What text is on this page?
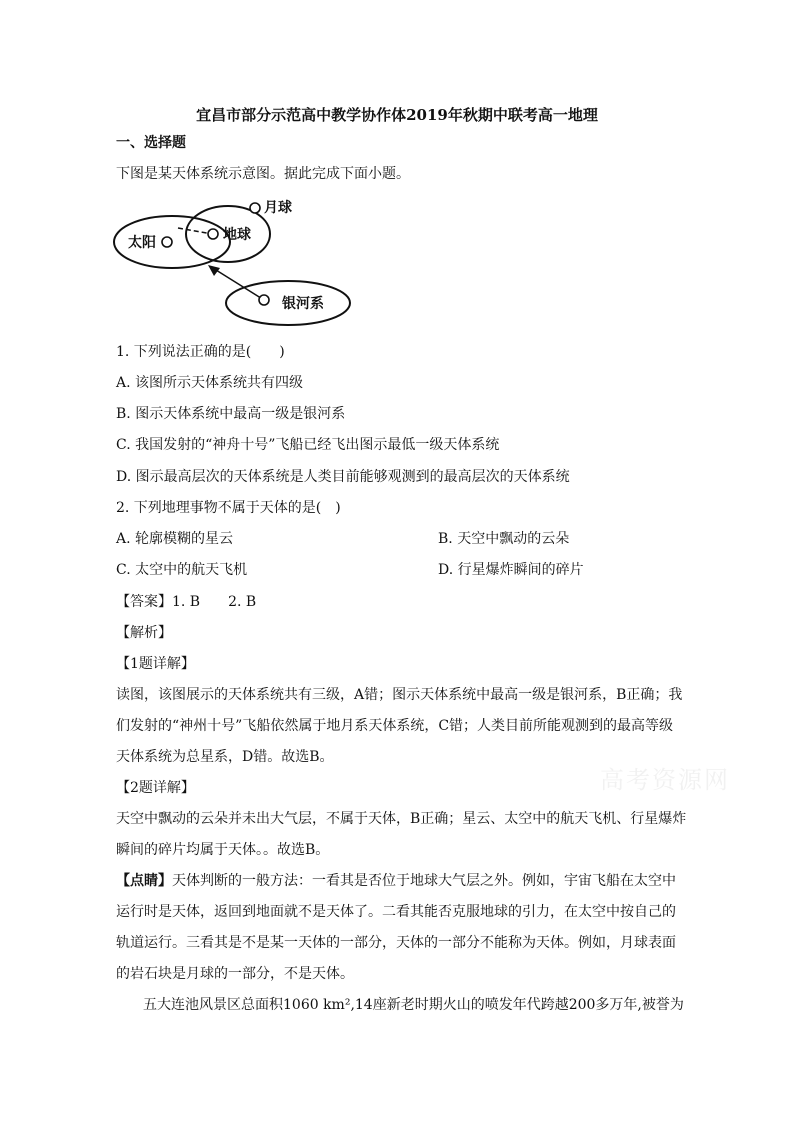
宜昌市部分示范高中教学协作体2019年秋期中联考高一地理
一、选择题
下图是某天体系统示意图。据此完成下面小题。
太阳	地球
月球
银河系
1. 下列说法正确的是(　　)
A. 该图所示天体系统共有四级
B. 图示天体系统中最高一级是银河系
C. 我国发射的“神舟十号”飞船已经飞出图示最低一级天体系统
D. 图示最高层次的天体系统是人类目前能够观测到的最高层次的天体系统
2. 下列地理事物不属于天体的是(　)
A. 轮廓模糊的星云	B. 天空中飘动的云朵
C. 太空中的航天飞机	D. 行星爆炸瞬间的碎片
【答案】1. B　　2. B
【解析】
【1题详解】
读图，该图展示的天体系统共有三级，A错；图示天体系统中最高一级是银河系，B正确；我
们发射的“神州十号”飞船依然属于地月系天体系统，C错；人类目前所能观测到的最高等级
天体系统为总星系，D错。故选B。
【2题详解】
天空中飘动的云朵并未出大气层，不属于天体，B正确；星云、太空中的航天飞机、行星爆炸
瞬间的碎片均属于天体。。故选B。
【点睛】天体判断的一般方法：一看其是否位于地球大气层之外。例如，宇宙飞船在太空中
运行时是天体，返回到地面就不是天体了。二看其能否克服地球的引力，在太空中按自己的
轨道运行。三看其是不是某一天体的一部分，天体的一部分不能称为天体。例如，月球表面
的岩石块是月球的一部分，不是天体。
五大连池风景区总面积1060 km²,14座新老时期火山的喷发年代跨越200多万年,被誉为
高考资源网
